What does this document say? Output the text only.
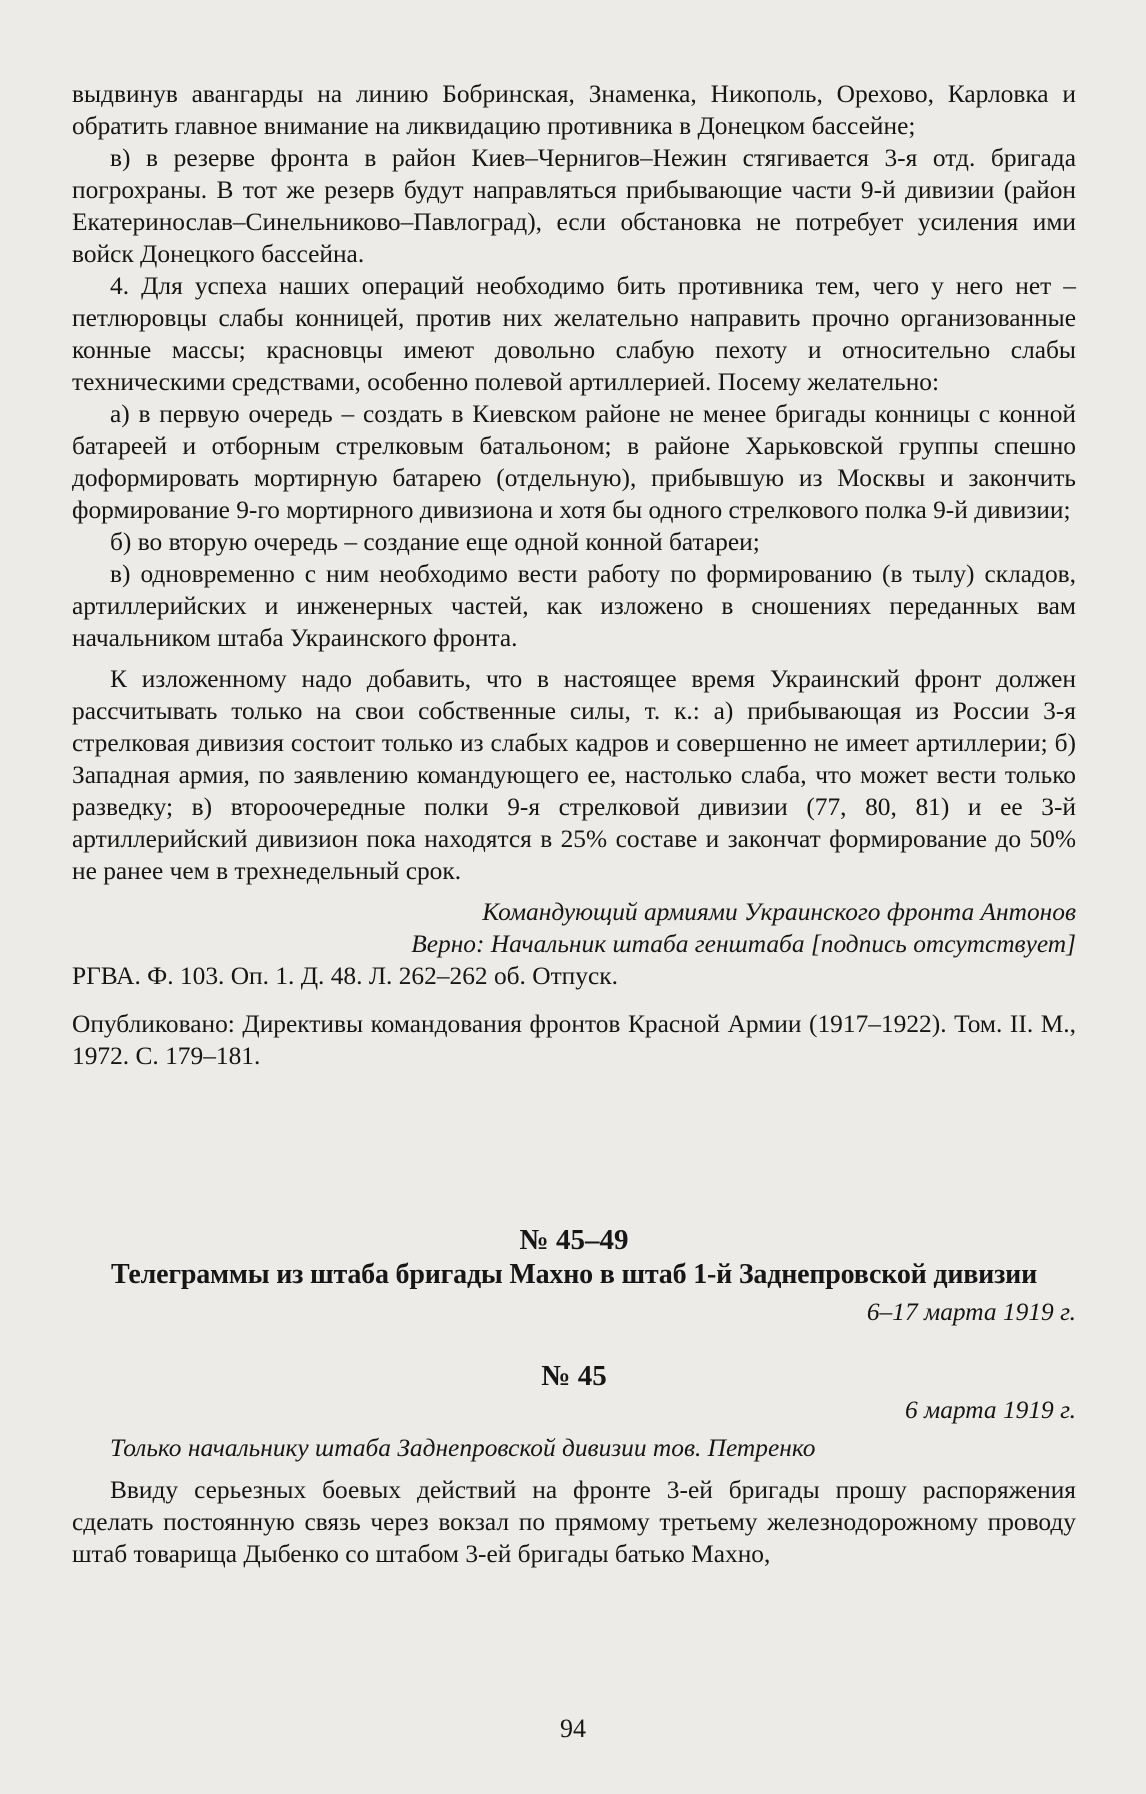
выдвинув авангарды на линию Бобринская, Знаменка, Никополь, Орехово, Карловка и обратить главное внимание на ликвидацию противника в Донецком бассейне;

в) в резерве фронта в район Киев–Чернигов–Нежин стягивается 3-я отд. бригада погрохраны. В тот же резерв будут направляться прибывающие части 9-й дивизии (район Екатеринослав–Синельниково–Павлоград), если обстановка не потребует усиления ими войск Донецкого бассейна.

4. Для успеха наших операций необходимо бить противника тем, чего у него нет – петлюровцы слабы конницей, против них желательно направить прочно организованные конные массы; красновцы имеют довольно слабую пехоту и относительно слабы техническими средствами, особенно полевой артиллерией. Посему желательно:

а) в первую очередь – создать в Киевском районе не менее бригады конницы с конной батареей и отборным стрелковым батальоном; в районе Харьковской группы спешно доформировать мортирную батарею (отдельную), прибывшую из Москвы и закончить формирование 9-го мортирного дивизиона и хотя бы одного стрелкового полка 9-й дивизии;

б) во вторую очередь – создание еще одной конной батареи;

в) одновременно с ним необходимо вести работу по формированию (в тылу) складов, артиллерийских и инженерных частей, как изложено в сношениях переданных вам начальником штаба Украинского фронта.

К изложенному надо добавить, что в настоящее время Украинский фронт должен рассчитывать только на свои собственные силы, т. к.: а) прибывающая из России 3-я стрелковая дивизия состоит только из слабых кадров и совершенно не имеет артиллерии; б) Западная армия, по заявлению командующего ее, настолько слаба, что может вести только разведку; в) второочередные полки 9-я стрелковой дивизии (77, 80, 81) и ее 3-й артиллерийский дивизион пока находятся в 25% составе и закончат формирование до 50% не ранее чем в трехнедельный срок.

Командующий армиями Украинского фронта Антонов

Верно: Начальник штаба генштаба [подпись отсутствует]

РГВА. Ф. 103. Оп. 1. Д. 48. Л. 262–262 об. Отпуск.

Опубликовано: Директивы командования фронтов Красной Армии (1917–1922). Том. II. М., 1972. С. 179–181.

№ 45–49

Телеграммы из штаба бригады Махно в штаб 1-й Заднепровской дивизии

6–17 марта 1919 г.

№ 45

6 марта 1919 г.

Только начальнику штаба Заднепровской дивизии тов. Петренко

Ввиду серьезных боевых действий на фронте 3-ей бригады прошу распоряжения сделать постоянную связь через вокзал по прямому третьему железнодорожному проводу штаб товарища Дыбенко со штабом 3-ей бригады батько Махно,

94
